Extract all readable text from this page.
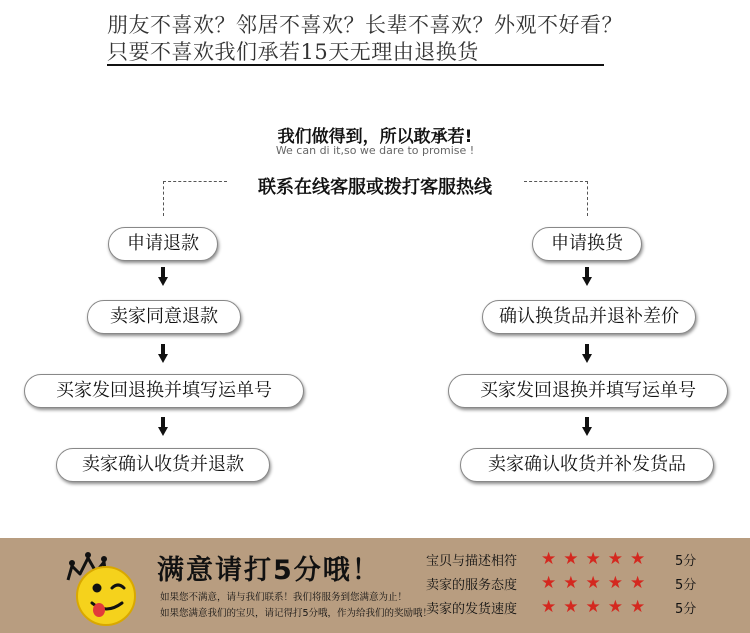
朋友不喜欢？邻居不喜欢？长辈不喜欢？外观不好看？
只要不喜欢我们承若15天无理由退换货
我们做得到，所以敢承若!
We can di it,so we dare to promise !
联系在线客服或拨打客服热线
申请退款
卖家同意退款
买家发回退换并填写运单号
卖家确认收货并退款
申请换货
确认换货品并退补差价
买家发回退换并填写运单号
卖家确认收货并补发货品
满意请打5分哦！
如果您不满意，请与我们联系！我们将服务到您满意为止！
如果您满意我们的宝贝，请记得打5分哦，作为给我们的奖励哦！
宝贝与描述相符	★★★★★	5分
卖家的服务态度	★★★★★	5分
卖家的发货速度	★★★★★	5分
